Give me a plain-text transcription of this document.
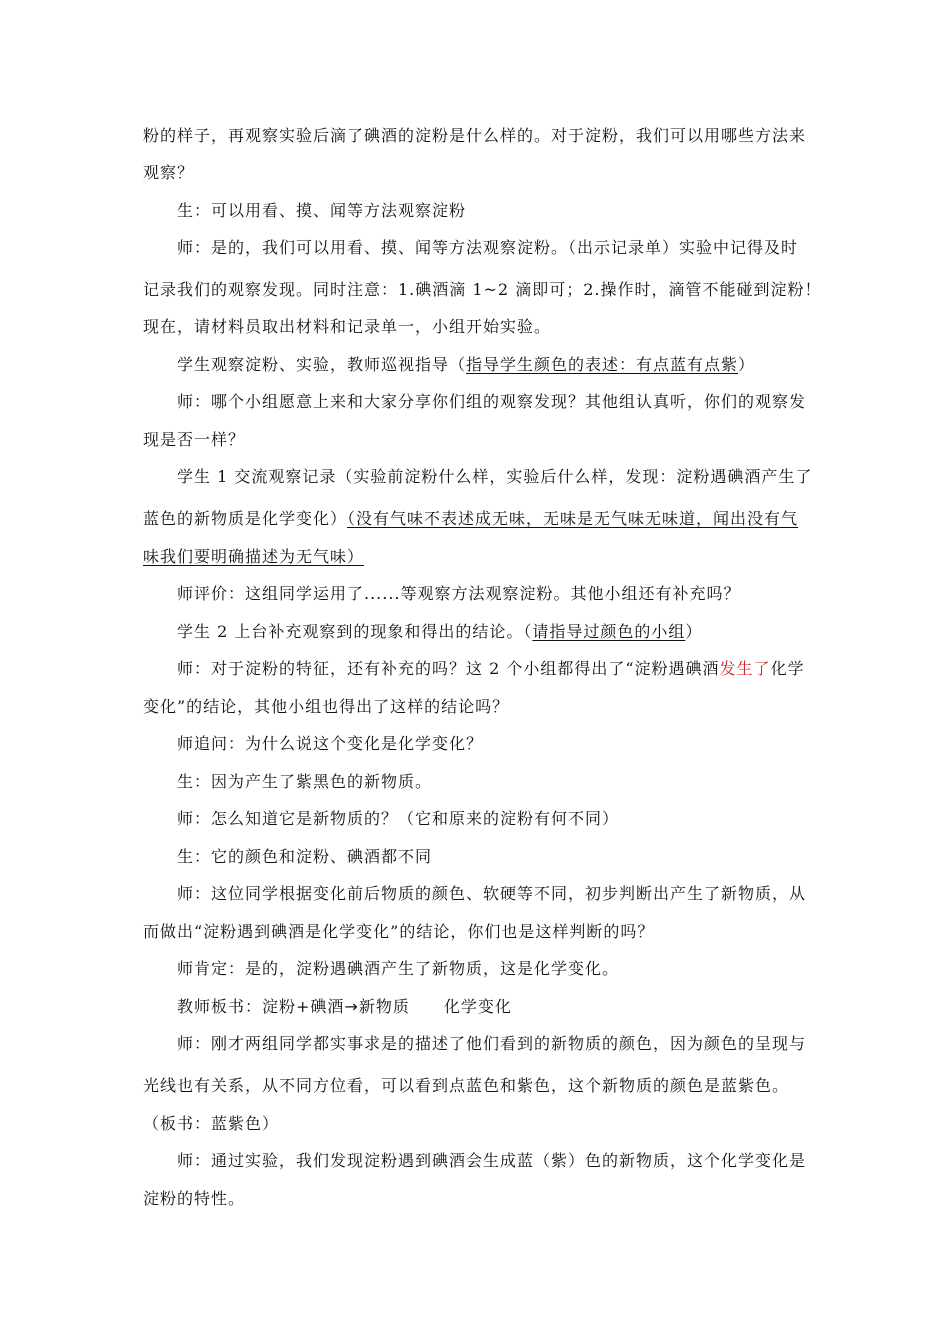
粉的样子，再观察实验后滴了碘酒的淀粉是什么样的。对于淀粉，我们可以用哪些方法来
观察？
生：可以用看、摸、闻等方法观察淀粉
师：是的，我们可以用看、摸、闻等方法观察淀粉。（出示记录单）实验中记得及时
记录我们的观察发现。同时注意：1.碘酒滴 1~2 滴即可；2.操作时，滴管不能碰到淀粉！
现在，请材料员取出材料和记录单一，小组开始实验。
学生观察淀粉、实验，教师巡视指导（指导学生颜色的表述：有点蓝有点紫）
师：哪个小组愿意上来和大家分享你们组的观察发现？其他组认真听，你们的观察发
现是否一样？
学生 1 交流观察记录（实验前淀粉什么样，实验后什么样，发现：淀粉遇碘酒产生了
蓝色的新物质是化学变化）（没有气味不表述成无味，无味是无气味无味道，闻出没有气
味我们要明确描述为无气味）
师评价：这组同学运用了......等观察方法观察淀粉。其他小组还有补充吗？
学生 2 上台补充观察到的现象和得出的结论。（请指导过颜色的小组）
师：对于淀粉的特征，还有补充的吗？这 2 个小组都得出了“淀粉遇碘酒发生了化学
变化”的结论，其他小组也得出了这样的结论吗？
师追问：为什么说这个变化是化学变化？
生：因为产生了紫黑色的新物质。
师：怎么知道它是新物质的？（它和原来的淀粉有何不同）
生：它的颜色和淀粉、碘酒都不同
师：这位同学根据变化前后物质的颜色、软硬等不同，初步判断出产生了新物质，从
而做出“淀粉遇到碘酒是化学变化”的结论，你们也是这样判断的吗？
师肯定：是的，淀粉遇碘酒产生了新物质，这是化学变化。
教师板书：淀粉+碘酒→新物质　　化学变化
师：刚才两组同学都实事求是的描述了他们看到的新物质的颜色，因为颜色的呈现与
光线也有关系，从不同方位看，可以看到点蓝色和紫色，这个新物质的颜色是蓝紫色。
（板书：蓝紫色）
师：通过实验，我们发现淀粉遇到碘酒会生成蓝（紫）色的新物质，这个化学变化是
淀粉的特性。
